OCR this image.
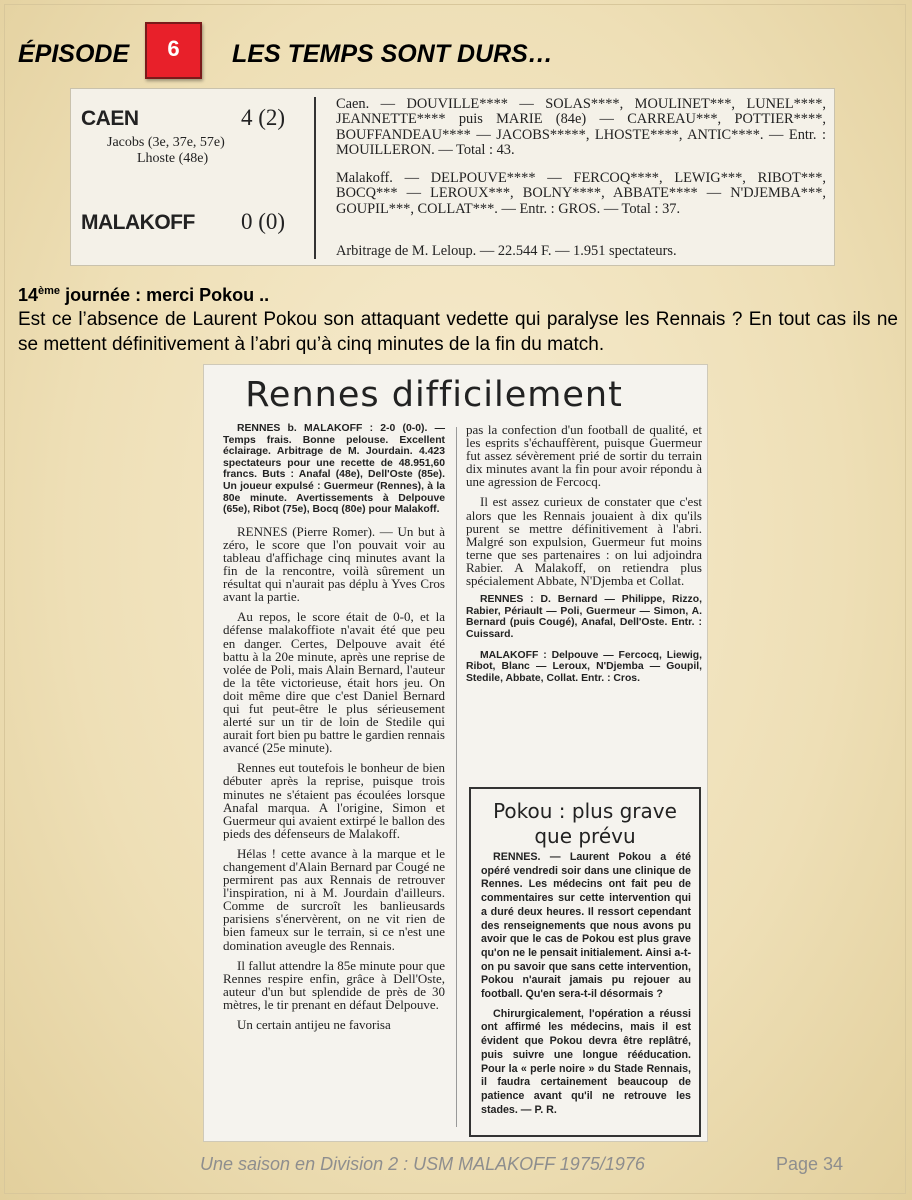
ÉPISODE	6	LES TEMPS SONT DURS…
CAEN	4 (2)
Jacobs (3e, 37e, 57e)
Lhoste (48e)
MALAKOFF 0 (0)
Caen. — DOUVILLE**** — SOLAS****, MOULINET***, LUNEL****, JEANNETTE**** puis MARIE (84e) — CARREAU***, POTTIER****, BOUFFANDEAU**** — JACOBS*****, LHOSTE****, ANTIC****. — Entr. : MOUILLERON. — Total : 43.
Malakoff. — DELPOUVE**** — FERCOQ****, LEWIG***, RIBOT***, BOCQ*** — LEROUX***, BOLNY****, ABBATE**** — N'DJEMBA***, GOUPIL***, COLLAT***. — Entr. : GROS. — Total : 37.
Arbitrage de M. Leloup. — 22.544 F. — 1.951 spectateurs.
14ème journée : merci Pokou ..
Est ce l’absence de Laurent Pokou son attaquant vedette qui paralyse les Rennais ? En tout cas ils ne se mettent définitivement à l’abri qu’à cinq minutes de la fin du match.
Rennes difficilement

RENNES b. MALAKOFF : 2-0 (0-0). — Temps frais. Bonne pelouse. Excellent éclairage. Arbitrage de M. Jourdain. 4.423 spectateurs pour une recette de 48.951,60 francs. Buts : Anafal (48e), Dell'Oste (85e). Un joueur expulsé : Guermeur (Rennes), à la 80e minute. Avertissements à Delpouve (65e), Ribot (75e), Bocq (80e) pour Malakoff.

RENNES (Pierre Romer). — Un but à zéro, le score que l'on pouvait voir au tableau d'affichage cinq minutes avant la fin de la rencontre, voilà sûrement un résultat qui n'aurait pas déplu à Yves Cros avant la partie.

Au repos, le score était de 0-0, et la défense malakoffiote n'avait été que peu en danger. Certes, Delpouve avait été battu à la 20e minute, après une reprise de volée de Poli, mais Alain Bernard, l'auteur de la tête victorieuse, était hors jeu. On doit même dire que c'est Daniel Bernard qui fut peut-être le plus sérieusement alerté sur un tir de loin de Stedile qui aurait fort bien pu battre le gardien rennais avancé (25e minute).

Rennes eut toutefois le bonheur de bien débuter après la reprise, puisque trois minutes ne s'étaient pas écoulées lorsque Anafal marqua. A l'origine, Simon et Guermeur qui avaient extirpé le ballon des pieds des défenseurs de Malakoff.

Hélas ! cette avance à la marque et le changement d'Alain Bernard par Cougé ne permirent pas aux Rennais de retrouver l'inspiration, ni à M. Jourdain d'ailleurs. Comme de surcroît les banlieusards parisiens s'énervèrent, on ne vit rien de bien fameux sur le terrain, si ce n'est une domination aveugle des Rennais.

Il fallut attendre la 85e minute pour que Rennes respire enfin, grâce à Dell'Oste, auteur d'un but splendide de près de 30 mètres, le tir prenant en défaut Delpouve.

Un certain antijeu ne favorisa

pas la confection d'un football de qualité, et les esprits s'échauffèrent, puisque Guermeur fut assez sévèrement prié de sortir du terrain dix minutes avant la fin pour avoir répondu à une agression de Fercocq.

Il est assez curieux de constater que c'est alors que les Rennais jouaient à dix qu'ils purent se mettre définitivement à l'abri. Malgré son expulsion, Guermeur fut moins terne que ses partenaires : on lui adjoindra Rabier. A Malakoff, on retiendra plus spécialement Abbate, N'Djemba et Collat.

RENNES : D. Bernard — Philippe, Rizzo, Rabier, Périault — Poli, Guermeur — Simon, A. Bernard (puis Cougé), Anafal, Dell'Oste. Entr. : Cuissard.

MALAKOFF : Delpouve — Fercocq, Liewig, Ribot, Blanc — Leroux, N'Djemba — Goupil, Stedile, Abbate, Collat. Entr. : Cros.

Pokou : plus grave
que prévu

RENNES. — Laurent Pokou a été opéré vendredi soir dans une clinique de Rennes. Les médecins ont fait peu de commentaires sur cette intervention qui a duré deux heures. Il ressort cependant des renseignements que nous avons pu avoir que le cas de Pokou est plus grave qu'on ne le pensait initialement. Ainsi a-t-on pu savoir que sans cette intervention, Pokou n'aurait jamais pu rejouer au football. Qu'en sera-t-il désormais ?

Chirurgicalement, l'opération a réussi ont affirmé les médecins, mais il est évident que Pokou devra être replâtré, puis suivre une longue rééducation. Pour la « perle noire » du Stade Rennais, il faudra certainement beaucoup de patience avant qu'il ne retrouve les stades. — P. R.

Une saison en Division 2 : USM MALAKOFF 1975/1976	Page 34
